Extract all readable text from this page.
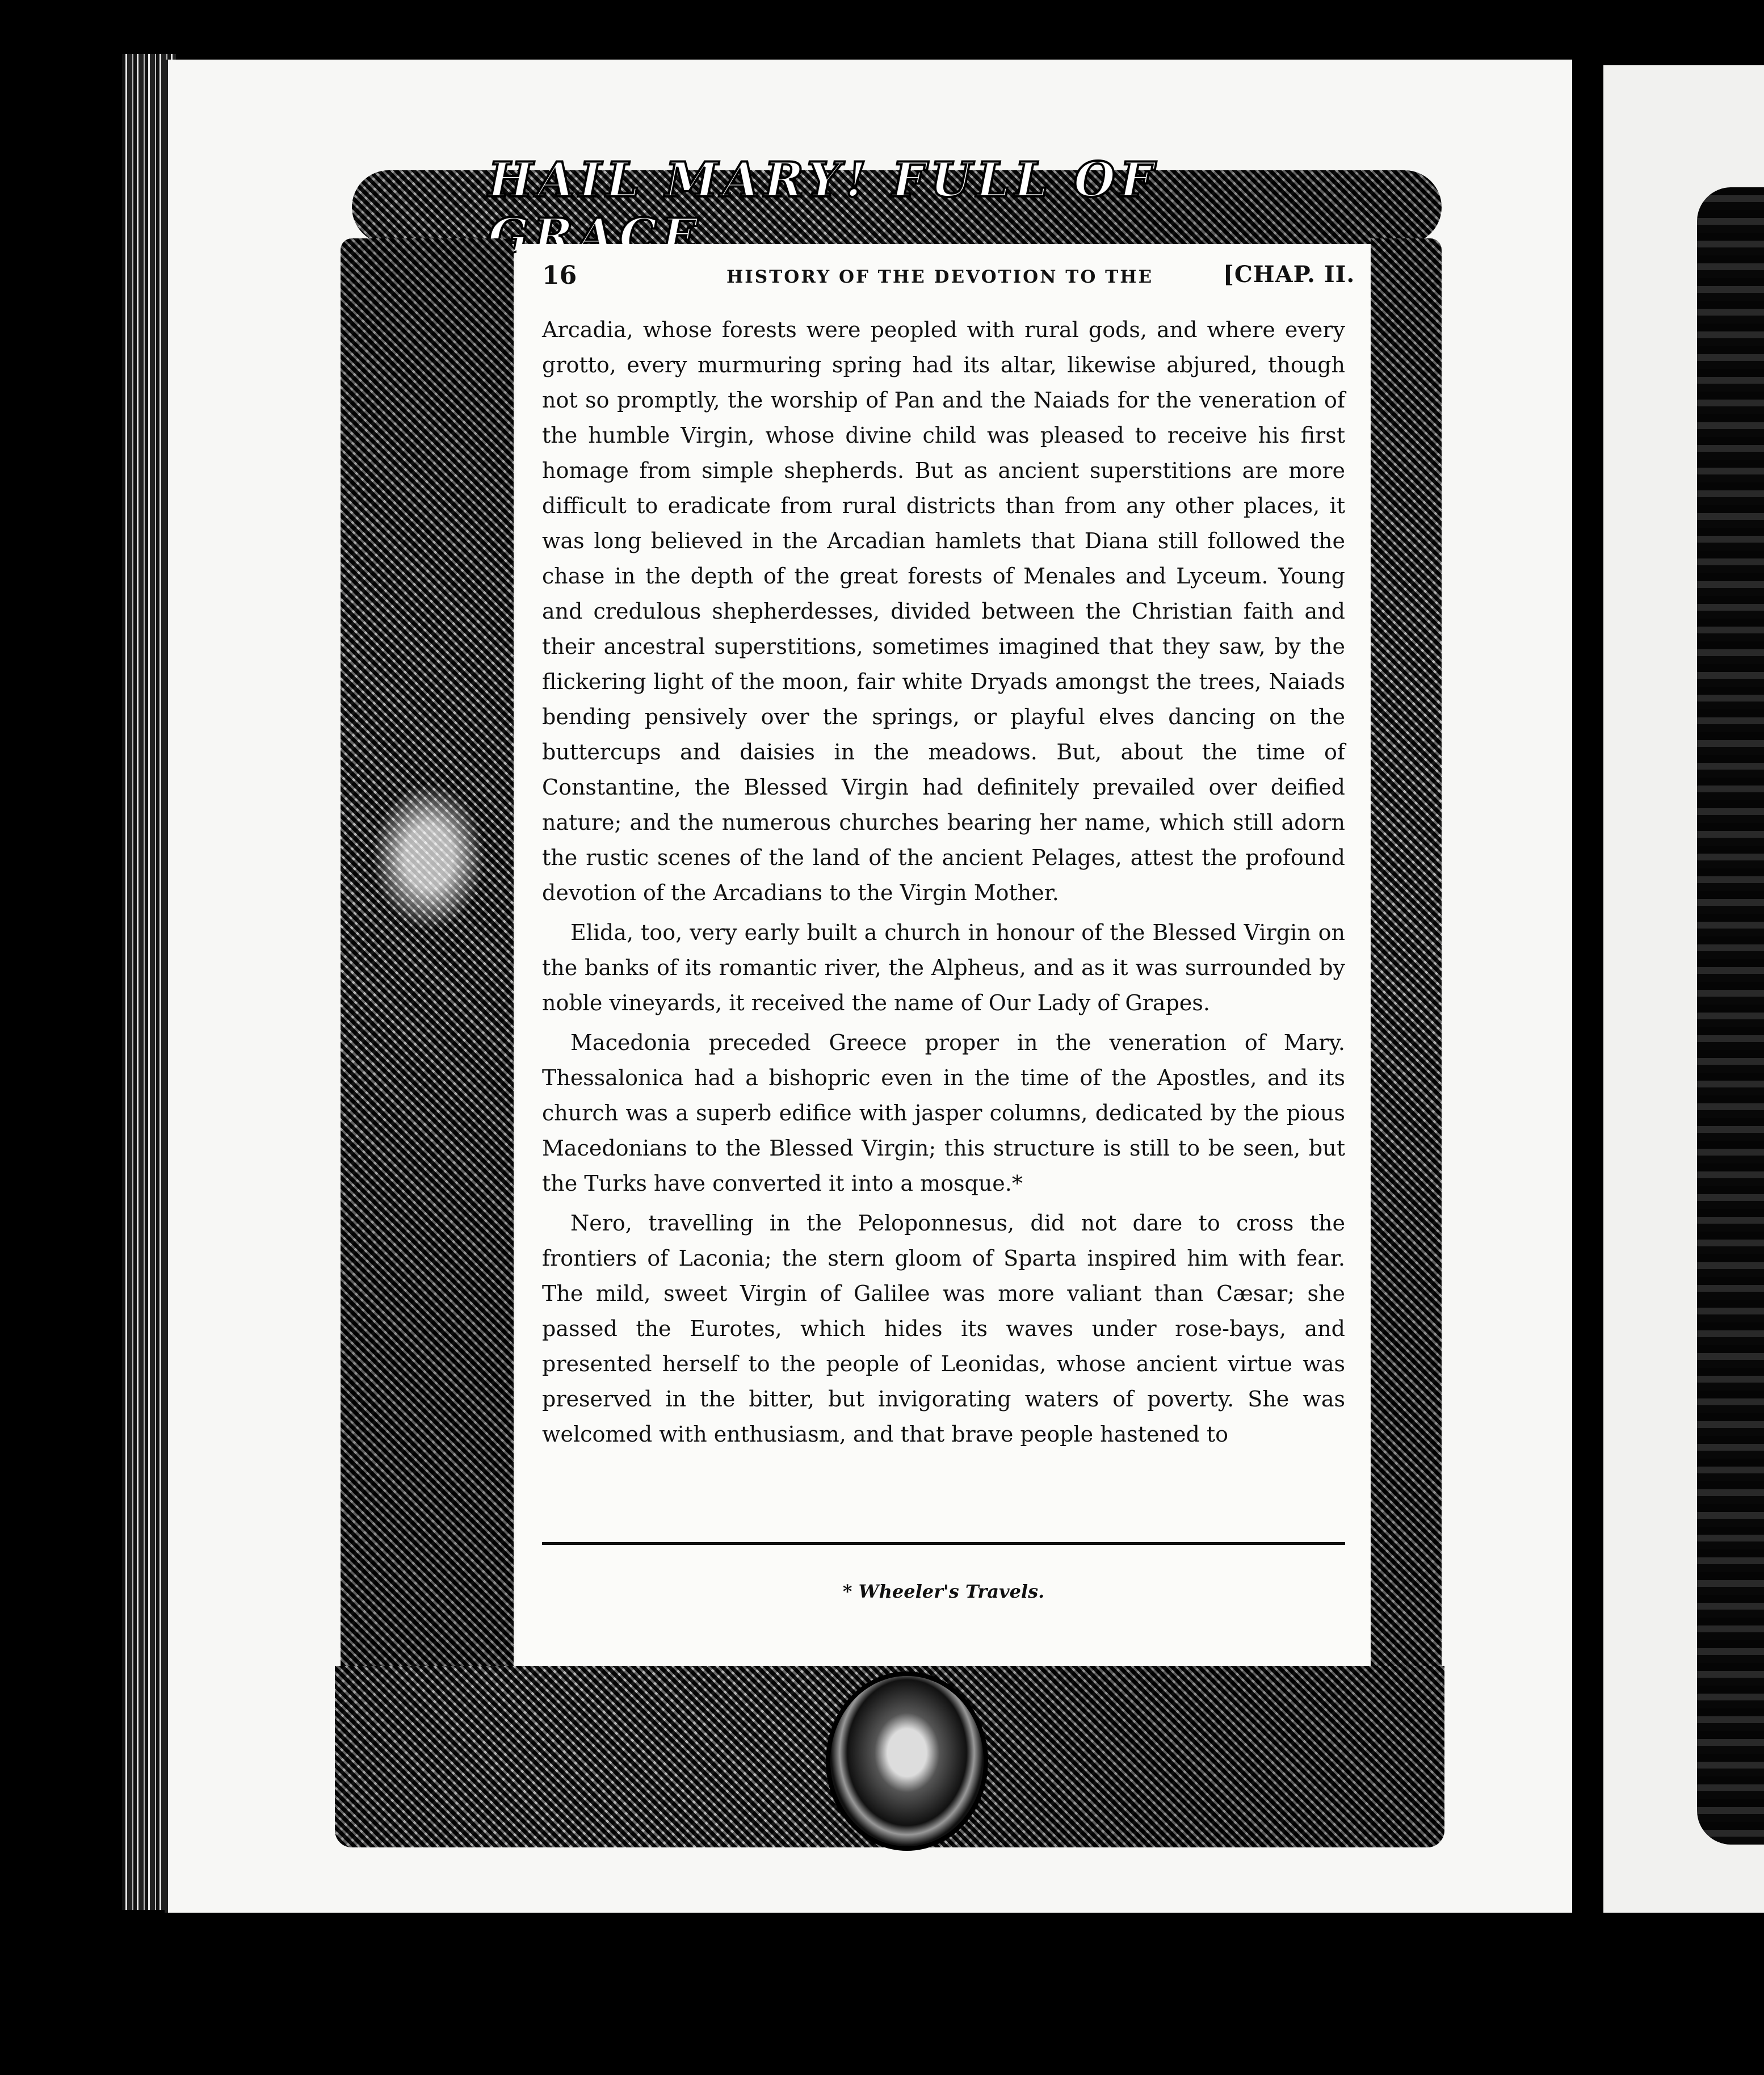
16	HISTORY OF THE DEVOTION TO THE	[CHAP. II.

Arcadia, whose forests were peopled with rural gods, and where every grotto, every murmuring spring had its altar, likewise abjured, though not so promptly, the worship of Pan and the Naiads for the veneration of the humble Virgin, whose divine child was pleased to receive his first homage from simple shepherds. But as ancient superstitions are more difficult to eradicate from rural districts than from any other places, it was long believed in the Arcadian hamlets that Diana still followed the chase in the depth of the great forests of Menales and Lyceum. Young and credulous shepherdesses, divided between the Christian faith and their ancestral superstitions, sometimes imagined that they saw, by the flickering light of the moon, fair white Dryads amongst the trees, Naiads bending pensively over the springs, or playful elves dancing on the buttercups and daisies in the meadows. But, about the time of Constantine, the Blessed Virgin had definitely prevailed over deified nature; and the numerous churches bearing her name, which still adorn the rustic scenes of the land of the ancient Pelages, attest the profound devotion of the Arcadians to the Virgin Mother.

Elida, too, very early built a church in honour of the Blessed Virgin on the banks of its romantic river, the Alpheus, and as it was surrounded by noble vineyards, it received the name of Our Lady of Grapes.

Macedonia preceded Greece proper in the veneration of Mary. Thessalonica had a bishopric even in the time of the Apostles, and its church was a superb edifice with jasper columns, dedicated by the pious Macedonians to the Blessed Virgin; this structure is still to be seen, but the Turks have converted it into a mosque.*

Nero, travelling in the Peloponnesus, did not dare to cross the frontiers of Laconia; the stern gloom of Sparta inspired him with fear. The mild, sweet Virgin of Galilee was more valiant than Cæsar; she passed the Eurotes, which hides its waves under rose-bays, and presented herself to the people of Leonidas, whose ancient virtue was preserved in the bitter, but invigorating waters of poverty. She was welcomed with enthusiasm, and that brave people hastened to

* Wheeler's Travels.
